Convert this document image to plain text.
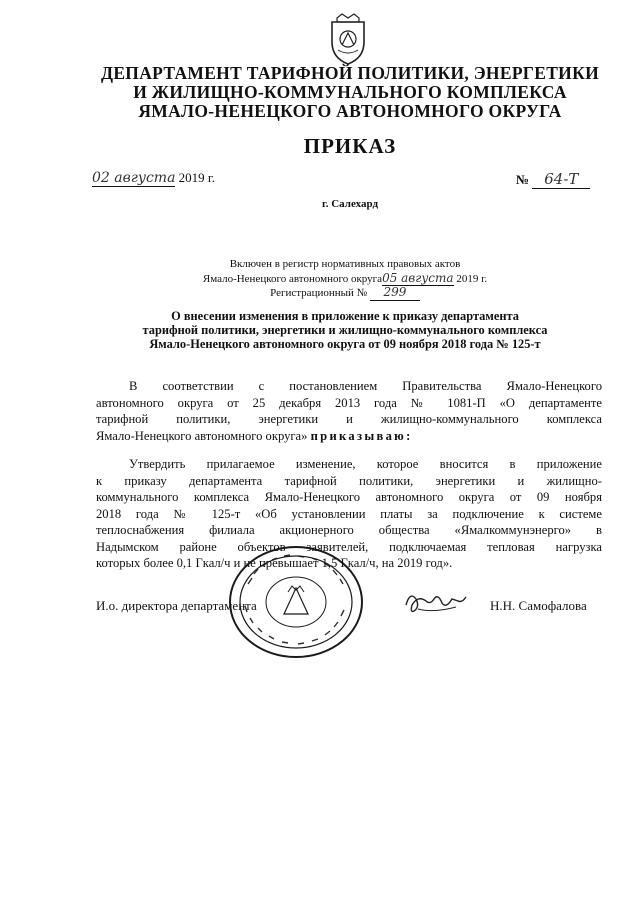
ДЕПАРТАМЕНТ ТАРИФНОЙ ПОЛИТИКИ, ЭНЕРГЕТИКИ
И ЖИЛИЩНО-КОММУНАЛЬНОГО КОМПЛЕКСА
ЯМАЛО-НЕНЕЦКОГО АВТОНОМНОГО ОКРУГА
ПРИКАЗ
02 августа 2019 г.	№ 64-Т
г. Салехард
Включен в регистр нормативных правовых актов
Ямало-Ненецкого автономного округа05 августа 2019 г.
Регистрационный № 299
О внесении изменения в приложение к приказу департамента
тарифной политики, энергетики и жилищно-коммунального комплекса
Ямало-Ненецкого автономного округа от 09 ноября 2018 года № 125-т
В соответствии с постановлением Правительства Ямало-Ненецкого
автономного округа от 25 декабря 2013 года № 1081-П «О департаменте
тарифной политики, энергетики и жилищно-коммунального комплекса
Ямало-Ненецкого автономного округа» приказываю:
Утвердить прилагаемое изменение, которое вносится в приложение
к приказу департамента тарифной политики, энергетики и жилищно-
коммунального комплекса Ямало-Ненецкого автономного округа от 09 ноября
2018 года № 125-т «Об установлении платы за подключение к системе
теплоснабжения филиала акционерного общества «Ямалкоммунэнерго» в
Надымском районе объектов заявителей, подключаемая тепловая нагрузка
которых более 0,1 Гкал/ч и не превышает 1,5 Гкал/ч, на 2019 год».
И.о. директора департамента	Н.Н. Самофалова
